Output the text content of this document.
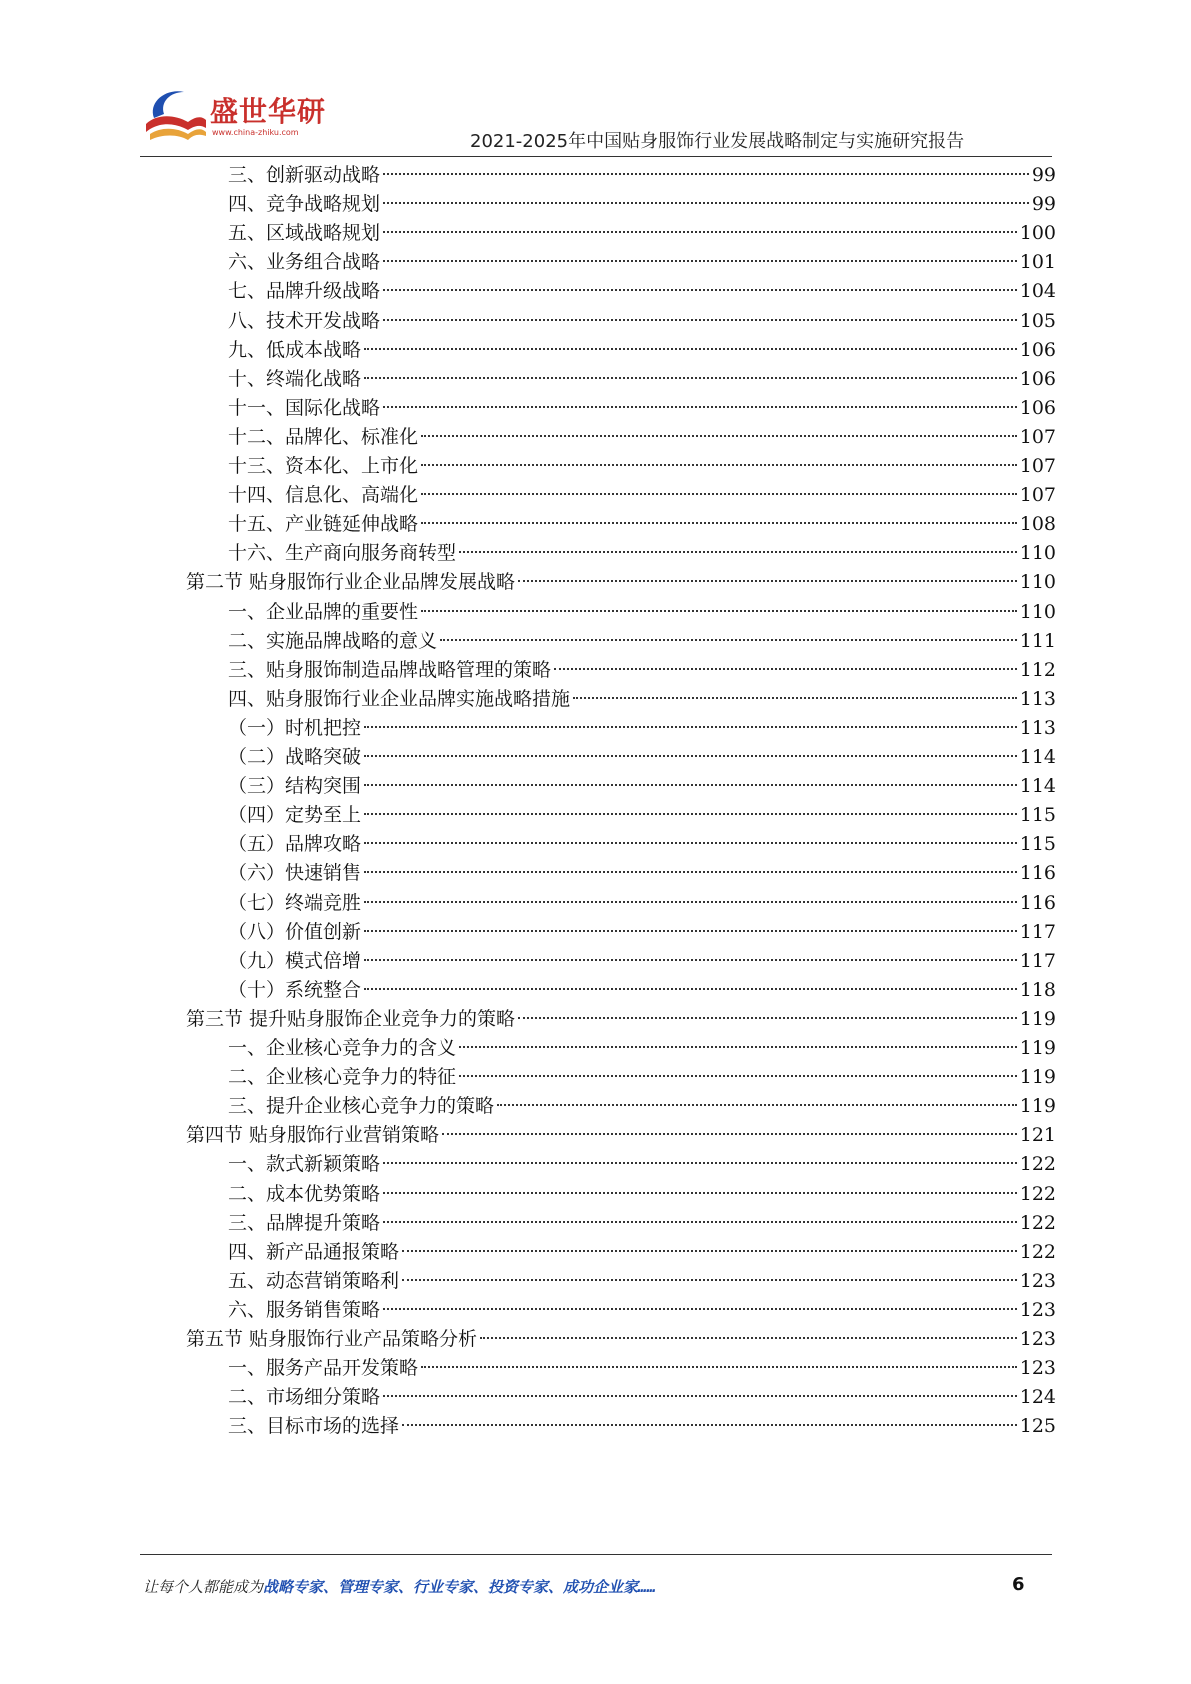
盛世华研
www.china-zhiku.com	2021-2025年中国贴身服饰行业发展战略制定与实施研究报告
三、创新驱动战略	99
四、竞争战略规划	99
五、区域战略规划	100
六、业务组合战略	101
七、品牌升级战略	104
八、技术开发战略	105
九、低成本战略	106
十、终端化战略	106
十一、国际化战略	106
十二、品牌化、标准化	107
十三、资本化、上市化	107
十四、信息化、高端化	107
十五、产业链延伸战略	108
十六、生产商向服务商转型	110
第二节 贴身服饰行业企业品牌发展战略	110
一、企业品牌的重要性	110
二、实施品牌战略的意义	111
三、贴身服饰制造品牌战略管理的策略	112
四、贴身服饰行业企业品牌实施战略措施	113
（一）时机把控	113
（二）战略突破	114
（三）结构突围	114
（四）定势至上	115
（五）品牌攻略	115
（六）快速销售	116
（七）终端竞胜	116
（八）价值创新	117
（九）模式倍增	117
（十）系统整合	118
第三节 提升贴身服饰企业竞争力的策略	119
一、企业核心竞争力的含义	119
二、企业核心竞争力的特征	119
三、提升企业核心竞争力的策略	119
第四节 贴身服饰行业营销策略	121
一、款式新颖策略	122
二、成本优势策略	122
三、品牌提升策略	122
四、新产品通报策略	122
五、动态营销策略利	123
六、服务销售策略	123
第五节 贴身服饰行业产品策略分析	123
一、服务产品开发策略	123
二、市场细分策略	124
三、目标市场的选择	125
让每个人都能成为战略专家、管理专家、行业专家、投资专家、成功企业家……	6
